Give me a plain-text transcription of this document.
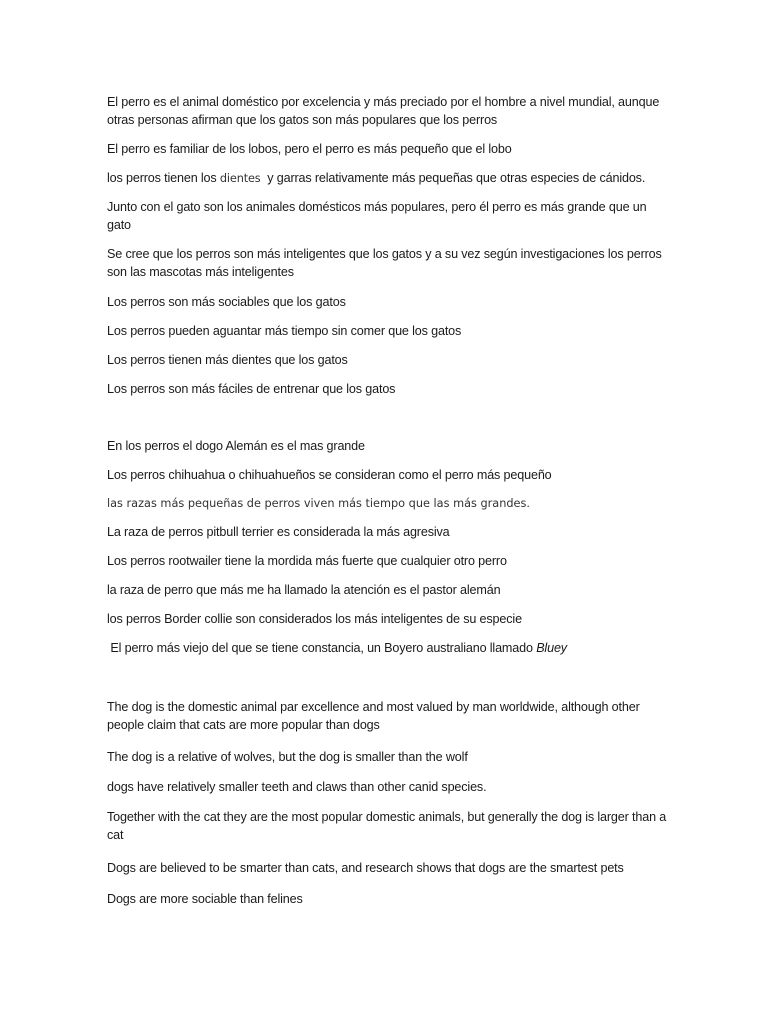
El perro es el animal doméstico por excelencia y más preciado por el hombre a nivel mundial, aunque otras personas afirman que los gatos son más populares que los perros

El perro es familiar de los lobos, pero el perro es más pequeño que el lobo

los perros tienen los dientes  y garras relativamente más pequeñas que otras especies de cánidos.

Junto con el gato son los animales domésticos más populares, pero él perro es más grande que un gato

Se cree que los perros son más inteligentes que los gatos y a su vez según investigaciones los perros son las mascotas más inteligentes

Los perros son más sociables que los gatos

Los perros pueden aguantar más tiempo sin comer que los gatos

Los perros tienen más dientes que los gatos

Los perros son más fáciles de entrenar que los gatos

En los perros el dogo Alemán es el mas grande

Los perros chihuahua o chihuahueños se consideran como el perro más pequeño

las razas más pequeñas de perros viven más tiempo que las más grandes.

La raza de perros pitbull terrier es considerada la más agresiva

Los perros rootwailer tiene la mordida más fuerte que cualquier otro perro

la raza de perro que más me ha llamado la atención es el pastor alemán

los perros Border collie son considerados los más inteligentes de su especie

El perro más viejo del que se tiene constancia, un Boyero australiano llamado Bluey

The dog is the domestic animal par excellence and most valued by man worldwide, although other people claim that cats are more popular than dogs

The dog is a relative of wolves, but the dog is smaller than the wolf

dogs have relatively smaller teeth and claws than other canid species.

Together with the cat they are the most popular domestic animals, but generally the dog is larger than a cat

Dogs are believed to be smarter than cats, and research shows that dogs are the smartest pets

Dogs are more sociable than felines
